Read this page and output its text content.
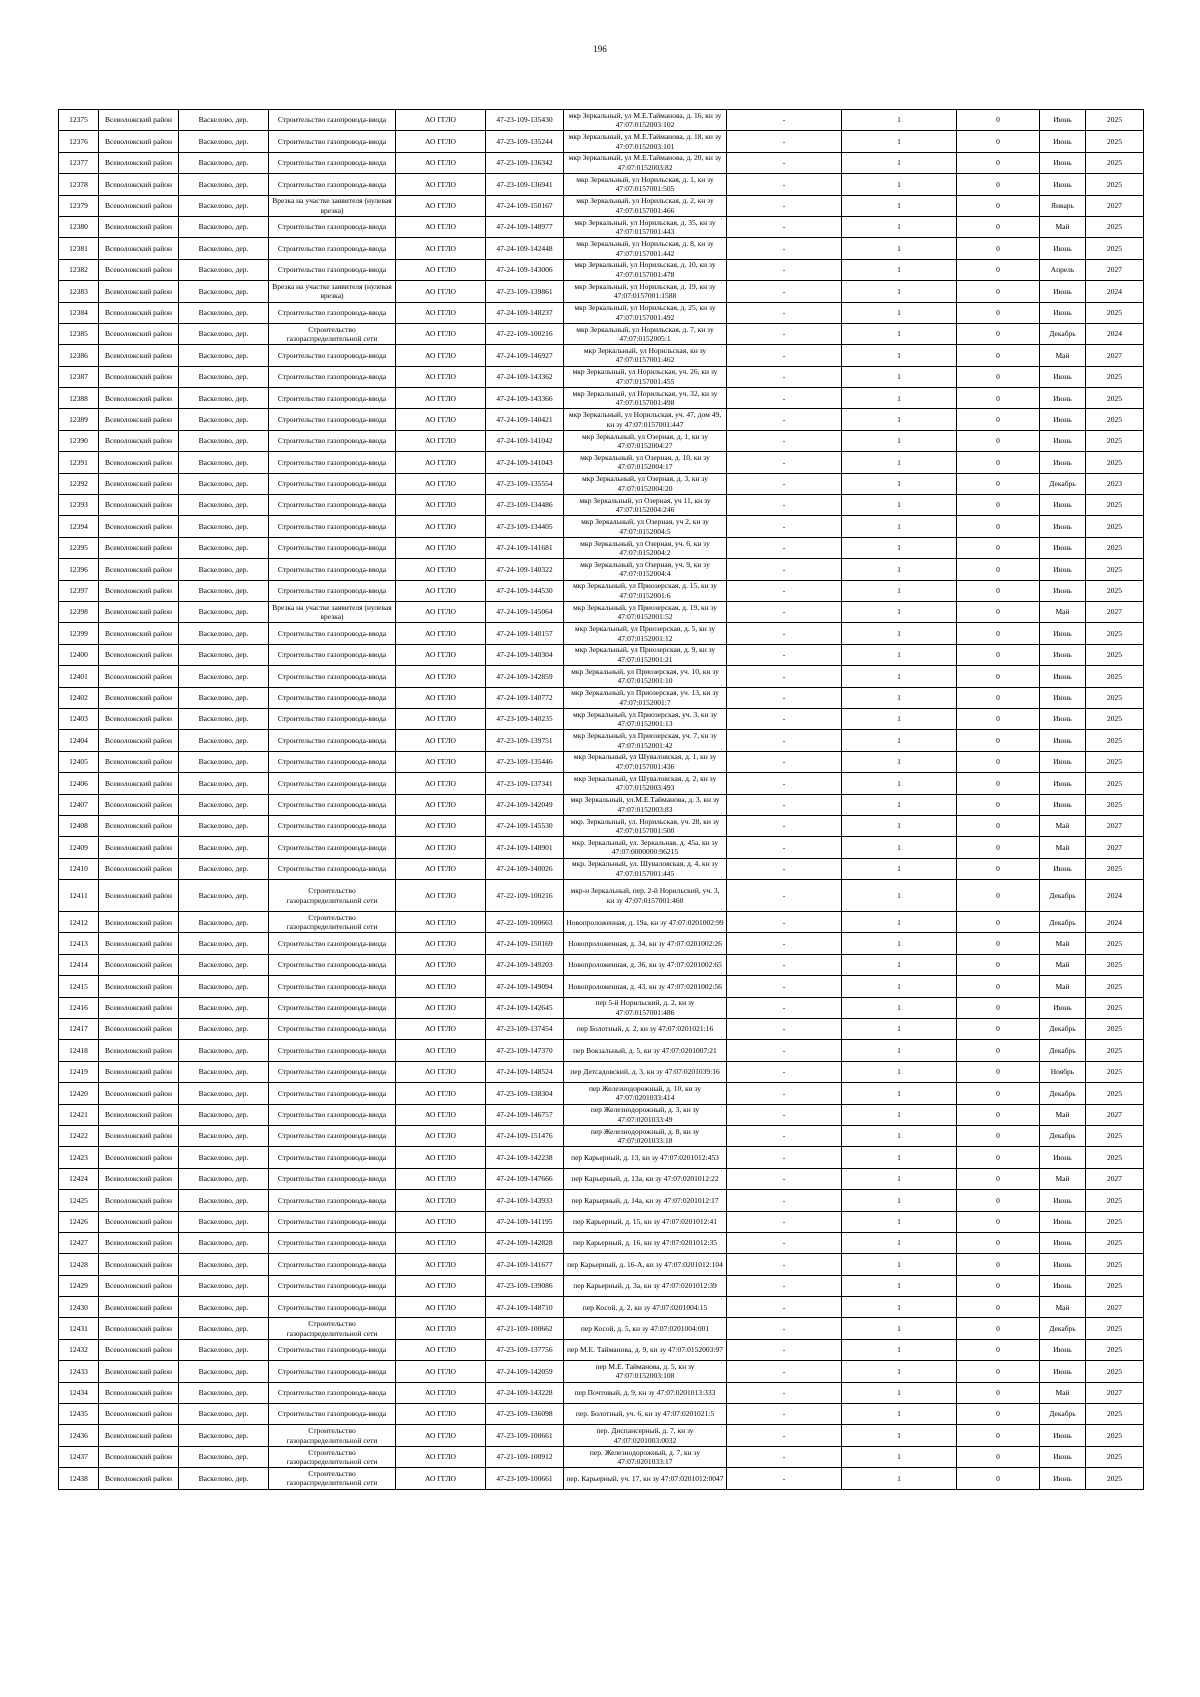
196
12375	Всеволожский район	Васкелово, дер.	Строительство газопровода-ввода	АО ГГЛО	47-23-109-135430	мкр Зеркальный, ул М.Е.Тайманова, д. 16, кн зу 47:07:0152003:102	-	1	0	Июнь	2025
12376	Всеволожский район	Васкелово, дер.	Строительство газопровода-ввода	АО ГГЛО	47-23-109-135244	мкр Зеркальный, ул М.Е.Тайманова, д. 18, кн зу 47:07:0152003:101	-	1	0	Июнь	2025
12377	Всеволожский район	Васкелово, дер.	Строительство газопровода-ввода	АО ГГЛО	47-23-109-136342	мкр Зеркальный, ул М.Е.Тайманова, д. 20, кн зу 47:07:0152003:82	-	1	0	Июнь	2025
12378	Всеволожский район	Васкелово, дер.	Строительство газопровода-ввода	АО ГГЛО	47-23-109-136941	мкр Зеркальный, ул Норильская, д. 1, кн зу 47:07:0157001:505	-	1	0	Июнь	2025
12379	Всеволожский район	Васкелово, дер.	Врезка на участке заявителя (нулевая врезка)	АО ГГЛО	47-24-109-150167	мкр Зеркальный, ул Норильская, д. 2, кн зу 47:07:0157001:466	-	1	0	Январь	2027
12380	Всеволожский район	Васкелово, дер.	Строительство газопровода-ввода	АО ГГЛО	47-24-109-148977	мкр Зеркальный, ул Норильская, д. 35, кн зу 47:07:0157001:443	-	1	0	Май	2025
12381	Всеволожский район	Васкелово, дер.	Строительство газопровода-ввода	АО ГГЛО	47-24-109-142448	мкр Зеркальный, ул Норильская, д. 8, кн зу 47:07:0157001:442	-	1	0	Июнь	2025
12382	Всеволожский район	Васкелово, дер.	Строительство газопровода-ввода	АО ГГЛО	47-24-109-143006	мкр Зеркальный, ул Норильская, д. 10, кн зу 47:07:0157001:478	-	1	0	Апрель	2027
12383	Всеволожский район	Васкелово, дер.	Врезка на участке заявителя (нулевая врезка)	АО ГГЛО	47-23-109-139861	мкр Зеркальный, ул Норильская, д. 19, кн зу 47:07:0157001:1588	-	1	0	Июнь	2024
12384	Всеволожский район	Васкелово, дер.	Строительство газопровода-ввода	АО ГГЛО	47-24-109-148237	мкр Зеркальный, ул Норильская, д. 25, кн зу 47:07:0157001:492	-	1	0	Июнь	2025
12385	Всеволожский район	Васкелово, дер.	Строительство газораспределительной сети	АО ГГЛО	47-22-109-100216	мкр Зеркальный, ул Норильская, д. 7, кн зу 47:07:0152005:1	-	1	0	Декабрь	2024
12386	Всеволожский район	Васкелово, дер.	Строительство газопровода-ввода	АО ГГЛО	47-24-109-146927	мкр Зеркальный, ул Норильская, кн зу 47:07:0157001:462	-	1	0	Май	2027
12387	Всеволожский район	Васкелово, дер.	Строительство газопровода-ввода	АО ГГЛО	47-24-109-143362	мкр Зеркальный, ул Норильская, уч. 26, кн зу 47:07:0157001:455	-	1	0	Июнь	2025
12388	Всеволожский район	Васкелово, дер.	Строительство газопровода-ввода	АО ГГЛО	47-24-109-143366	мкр Зеркальный, ул Норильская, уч. 32, кн зу 47:07:0157001:498	-	1	0	Июнь	2025
12389	Всеволожский район	Васкелово, дер.	Строительство газопровода-ввода	АО ГГЛО	47-24-109-140421	мкр Зеркальный, ул Норильская, уч. 47, дом 49, кн зу 47:07:0157001:447	-	1	0	Июнь	2025
12390	Всеволожский район	Васкелово, дер.	Строительство газопровода-ввода	АО ГГЛО	47-24-109-141042	мкр Зеркальный, ул Озерная, д. 1, кн зу 47:07:0152004:27	-	1	0	Июнь	2025
12391	Всеволожский район	Васкелово, дер.	Строительство газопровода-ввода	АО ГГЛО	47-24-109-141043	мкр Зеркальный, ул Озерная, д. 10, кн зу 47:07:0152004:17	-	1	0	Июнь	2025
12392	Всеволожский район	Васкелово, дер.	Строительство газопровода-ввода	АО ГГЛО	47-23-109-135554	мкр Зеркальный, ул Озерная, д. 3, кн зу 47:07:0152004:20	-	1	0	Декабрь	2023
12393	Всеволожский район	Васкелово, дер.	Строительство газопровода-ввода	АО ГГЛО	47-23-109-134486	мкр Зеркальный, ул Озерная, уч 11, кн зу 47:07:0152004:246	-	1	0	Июнь	2025
12394	Всеволожский район	Васкелово, дер.	Строительство газопровода-ввода	АО ГГЛО	47-23-109-134405	мкр Зеркальный, ул Озерная, уч 2, кн зу 47:07:0152004:5	-	1	0	Июнь	2025
12395	Всеволожский район	Васкелово, дер.	Строительство газопровода-ввода	АО ГГЛО	47-24-109-141681	мкр Зеркальный, ул Озерная, уч. 6, кн зу 47:07:0152004:2	-	1	0	Июнь	2025
12396	Всеволожский район	Васкелово, дер.	Строительство газопровода-ввода	АО ГГЛО	47-24-109-140322	мкр Зеркальный, ул Озерная, уч. 9, кн зу 47:07:0152004:4	-	1	0	Июнь	2025
12397	Всеволожский район	Васкелово, дер.	Строительство газопровода-ввода	АО ГГЛО	47-24-109-144530	мкр Зеркальный, ул Приозерская, д. 15, кн зу 47:07:0152001:6	-	1	0	Июнь	2025
12398	Всеволожский район	Васкелово, дер.	Врезка на участке заявителя (нулевая врезка)	АО ГГЛО	47-24-109-145064	мкр Зеркальный, ул Приозерская, д. 19, кн зу 47:07:0152001:52	-	1	0	Май	2027
12399	Всеволожский район	Васкелово, дер.	Строительство газопровода-ввода	АО ГГЛО	47-24-109-140157	мкр Зеркальный, ул Приозерская, д. 5, кн зу 47:07:0152001:12	-	1	0	Июнь	2025
12400	Всеволожский район	Васкелово, дер.	Строительство газопровода-ввода	АО ГГЛО	47-24-109-140304	мкр Зеркальный, ул Приозерская, д. 9, кн зу 47:07:0152001:21	-	1	0	Июнь	2025
12401	Всеволожский район	Васкелово, дер.	Строительство газопровода-ввода	АО ГГЛО	47-24-109-142859	мкр Зеркальный, ул Приозерская, уч. 10, кн зу 47:07:0152001:10	-	1	0	Июнь	2025
12402	Всеволожский район	Васкелово, дер.	Строительство газопровода-ввода	АО ГГЛО	47-24-109-140772	мкр Зеркальный, ул Приозерская, уч. 13, кн зу 47:07:0152001:7	-	1	0	Июнь	2025
12403	Всеволожский район	Васкелово, дер.	Строительство газопровода-ввода	АО ГГЛО	47-23-109-140235	мкр Зеркальный, ул Приозерская, уч. 3, кн зу 47:07:0152001:13	-	1	0	Июнь	2025
12404	Всеволожский район	Васкелово, дер.	Строительство газопровода-ввода	АО ГГЛО	47-23-109-139751	мкр Зеркальный, ул Приозерская, уч. 7, кн зу 47:07:0152001:42	-	1	0	Июнь	2025
12405	Всеволожский район	Васкелово, дер.	Строительство газопровода-ввода	АО ГГЛО	47-23-109-135446	мкр Зеркальный, ул Шуваловская, д. 1, кн зу 47:07:0157001:436	-	1	0	Июнь	2025
12406	Всеволожский район	Васкелово, дер.	Строительство газопровода-ввода	АО ГГЛО	47-23-109-137341	мкр Зеркальный, ул Шуваловская, д. 2, кн зу 47:07:0152003:493	-	1	0	Июнь	2025
12407	Всеволожский район	Васкелово, дер.	Строительство газопровода-ввода	АО ГГЛО	47-24-109-142049	мкр Зеркальный, ул.М.Е.Тайманова, д. 3, кн зу 47:07:0152003:83	-	1	0	Июнь	2025
12408	Всеволожский район	Васкелово, дер.	Строительство газопровода-ввода	АО ГГЛО	47-24-109-145530	мкр. Зеркальный, ул. Норильская, уч. 28, кн зу 47:07:0157001:500	-	1	0	Май	2027
12409	Всеволожский район	Васкелово, дер.	Строительство газопровода-ввода	АО ГГЛО	47-24-109-148901	мкр. Зеркальный, ул. Зеркальная, д. 45а, кн зу 47:07:0000000:96215	-	1	0	Май	2027
12410	Всеволожский район	Васкелово, дер.	Строительство газопровода-ввода	АО ГГЛО	47-24-109-140026	мкр. Зеркальный, ул. Шуваловская, д. 4, кн зу 47:07:0157001:445	-	1	0	Июнь	2025
12411	Всеволожский район	Васкелово, дер.	Строительство газораспределительной сети	АО ГГЛО	47-22-109-100216	мкр-н Зеркальный, пер. 2-й Норильский, уч. 3, кн зу 47:07:0157001:460	-	1	0	Декабрь	2024
12412	Всеволожский район	Васкелово, дер.	Строительство газораспределительной сети	АО ГГЛО	47-22-109-100663	Новопроложенная, д. 19а, кн зу 47:07:0201002:99	-	1	0	Декабрь	2024
12413	Всеволожский район	Васкелово, дер.	Строительство газопровода-ввода	АО ГГЛО	47-24-109-150169	Новопроложенная, д. 34, кн зу 47:07:0201002:26	-	1	0	Май	2025
12414	Всеволожский район	Васкелово, дер.	Строительство газопровода-ввода	АО ГГЛО	47-24-109-149203	Новопроложенная, д. 36, кн зу 47:07:0201002:65	-	1	0	Май	2025
12415	Всеволожский район	Васкелово, дер.	Строительство газопровода-ввода	АО ГГЛО	47-24-109-149094	Новопроложенная, д. 43, кн зу 47:07:0201002:56	-	1	0	Май	2025
12416	Всеволожский район	Васкелово, дер.	Строительство газопровода-ввода	АО ГГЛО	47-24-109-142645	пер 5-й Норильский, д. 2, кн зу 47:07:0157001:486	-	1	0	Июнь	2025
12417	Всеволожский район	Васкелово, дер.	Строительство газопровода-ввода	АО ГГЛО	47-23-109-137454	пер Болотный, д. 2, кн зу 47:07:0201021:16	-	1	0	Декабрь	2025
12418	Всеволожский район	Васкелово, дер.	Строительство газопровода-ввода	АО ГГЛО	47-23-109-147370	пер Вокзальный, д. 5, кн зу 47:07:0201007:21	-	1	0	Декабрь	2025
12419	Всеволожский район	Васкелово, дер.	Строительство газопровода-ввода	АО ГГЛО	47-24-109-148524	пер Детсадовский, д. 3, кн зу 47:07:0201039:16	-	1	0	Ноябрь	2025
12420	Всеволожский район	Васкелово, дер.	Строительство газопровода-ввода	АО ГГЛО	47-23-109-138304	пер Железнодорожный, д. 10, кн зу 47:07:0201033:414	-	1	0	Декабрь	2025
12421	Всеволожский район	Васкелово, дер.	Строительство газопровода-ввода	АО ГГЛО	47-24-109-146757	пер Железнодорожный, д. 3, кн зу 47:07:0201033:49	-	1	0	Май	2027
12422	Всеволожский район	Васкелово, дер.	Строительство газопровода-ввода	АО ГГЛО	47-24-109-151476	пер Железнодорожный, д. 8, кн зу 47:07:0201033:18	-	1	0	Декабрь	2025
12423	Всеволожский район	Васкелово, дер.	Строительство газопровода-ввода	АО ГГЛО	47-24-109-142238	пер Карьерный, д. 13, кн зу 47:07:0201012:453	-	1	0	Июнь	2025
12424	Всеволожский район	Васкелово, дер.	Строительство газопровода-ввода	АО ГГЛО	47-24-109-147666	пер Карьерный, д. 13а, кн зу 47:07:0201012:22	-	1	0	Май	2027
12425	Всеволожский район	Васкелово, дер.	Строительство газопровода-ввода	АО ГГЛО	47-24-109-143933	пер Карьерный, д. 14а, кн зу 47:07:0201012:17	-	1	0	Июнь	2025
12426	Всеволожский район	Васкелово, дер.	Строительство газопровода-ввода	АО ГГЛО	47-24-109-141195	пер Карьерный, д. 15, кн зу 47:07:0201012:41	-	1	0	Июнь	2025
12427	Всеволожский район	Васкелово, дер.	Строительство газопровода-ввода	АО ГГЛО	47-24-109-142828	пер Карьерный, д. 16, кн зу 47:07:0201012:35	-	1	0	Июнь	2025
12428	Всеволожский район	Васкелово, дер.	Строительство газопровода-ввода	АО ГГЛО	47-24-109-141677	пер Карьерный, д. 16-А, кн зу 47:07:0201012:104	-	1	0	Июнь	2025
12429	Всеволожский район	Васкелово, дер.	Строительство газопровода-ввода	АО ГГЛО	47-23-109-139086	пер Карьерный, д. 3а, кн зу 47:07:0201012:39	-	1	0	Июнь	2025
12430	Всеволожский район	Васкелово, дер.	Строительство газопровода-ввода	АО ГГЛО	47-24-109-148710	пер Косой, д. 2, кн зу 47:07:0201004:15	-	1	0	Май	2027
12431	Всеволожский район	Васкелово, дер.	Строительство газораспределительной сети	АО ГГЛО	47-21-109-100662	пер Косой, д. 5, кн зу 47:07:0201004:001	-	1	0	Декабрь	2025
12432	Всеволожский район	Васкелово, дер.	Строительство газопровода-ввода	АО ГГЛО	47-23-109-137756	пер М.Е. Тайманова, д. 9, кн зу 47:07:0152003:97	-	1	0	Июнь	2025
12433	Всеволожский район	Васкелово, дер.	Строительство газопровода-ввода	АО ГГЛО	47-24-109-142059	пер М.Е. Тайманова, д. 5, кн зу 47:07:0152003:108	-	1	0	Июнь	2025
12434	Всеволожский район	Васкелово, дер.	Строительство газопровода-ввода	АО ГГЛО	47-24-109-143228	пер Почтовый, д. 9, кн зу 47:07:0201013:333	-	1	0	Май	2027
12435	Всеволожский район	Васкелово, дер.	Строительство газопровода-ввода	АО ГГЛО	47-23-109-136098	пер. Болотный, уч. 6, кн зу 47:07:0201021:5	-	1	0	Декабрь	2025
12436	Всеволожский район	Васкелово, дер.	Строительство газораспределительной сети	АО ГГЛО	47-23-109-100661	пер. Диспансерный, д. 7, кн зу 47:07:0201003:0032	-	1	0	Июнь	2025
12437	Всеволожский район	Васкелово, дер.	Строительство газораспределительной сети	АО ГГЛО	47-21-109-100912	пер. Железнодорожный, д. 7, кн зу 47:07:0201033:17	-	1	0	Июнь	2025
12438	Всеволожский район	Васкелово, дер.	Строительство газораспределительной сети	АО ГГЛО	47-23-109-100661	пер. Карьерный, уч. 17, кн зу 47:07:0201012:0047	-	1	0	Июнь	2025
